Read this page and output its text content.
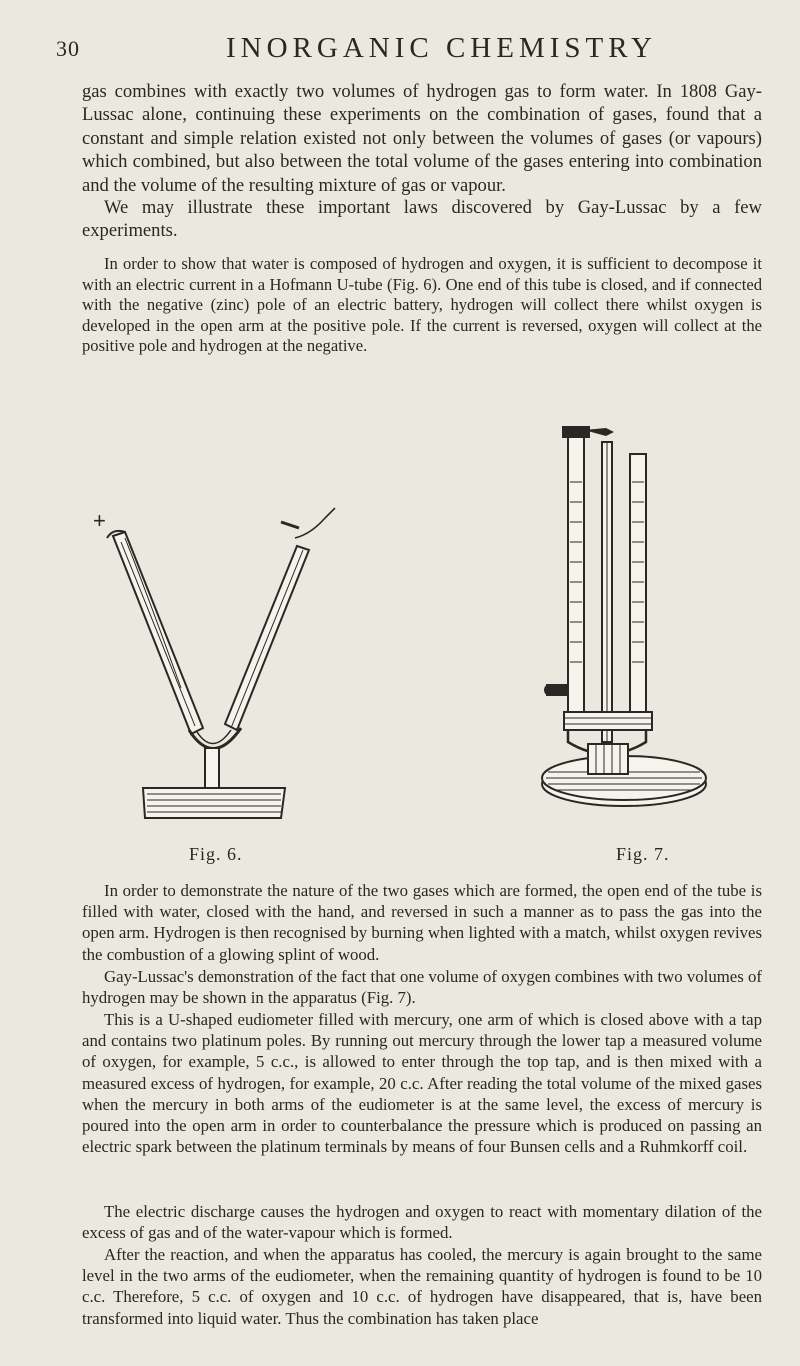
30	INORGANIC CHEMISTRY

gas combines with exactly two volumes of hydrogen gas to form water. In 1808 Gay-Lussac alone, continuing these experiments on the combination of gases, found that a constant and simple relation existed not only between the volumes of gases (or vapours) which combined, but also between the total volume of the gases entering into combination and the volume of the resulting mixture of gas or vapour.

We may illustrate these important laws discovered by Gay-Lussac by a few experiments.

In order to show that water is composed of hydrogen and oxygen, it is sufficient to decompose it with an electric current in a Hofmann U-tube (Fig. 6). One end of this tube is closed, and if connected with the negative (zinc) pole of an electric battery, hydrogen will collect there whilst oxygen is developed in the open arm at the positive pole. If the current is reversed, oxygen will collect at the positive pole and hydrogen at the negative.

+
Fig. 6.	Fig. 7.

In order to demonstrate the nature of the two gases which are formed, the open end of the tube is filled with water, closed with the hand, and reversed in such a manner as to pass the gas into the open arm. Hydrogen is then recognised by burning when lighted with a match, whilst oxygen revives the combustion of a glowing splint of wood.

Gay-Lussac's demonstration of the fact that one volume of oxygen combines with two volumes of hydrogen may be shown in the apparatus (Fig. 7).

This is a U-shaped eudiometer filled with mercury, one arm of which is closed above with a tap and contains two platinum poles. By running out mercury through the lower tap a measured volume of oxygen, for example, 5 c.c., is allowed to enter through the top tap, and is then mixed with a measured excess of hydrogen, for example, 20 c.c. After reading the total volume of the mixed gases when the mercury in both arms of the eudiometer is at the same level, the excess of mercury is poured into the open arm in order to counterbalance the pressure which is produced on passing an electric spark between the platinum terminals by means of four Bunsen cells and a Ruhmkorff coil.

The electric discharge causes the hydrogen and oxygen to react with momentary dilation of the excess of gas and of the water-vapour which is formed.

After the reaction, and when the apparatus has cooled, the mercury is again brought to the same level in the two arms of the eudiometer, when the remaining quantity of hydrogen is found to be 10 c.c. Therefore, 5 c.c. of oxygen and 10 c.c. of hydrogen have disappeared, that is, have been transformed into liquid water. Thus the combination has taken place
